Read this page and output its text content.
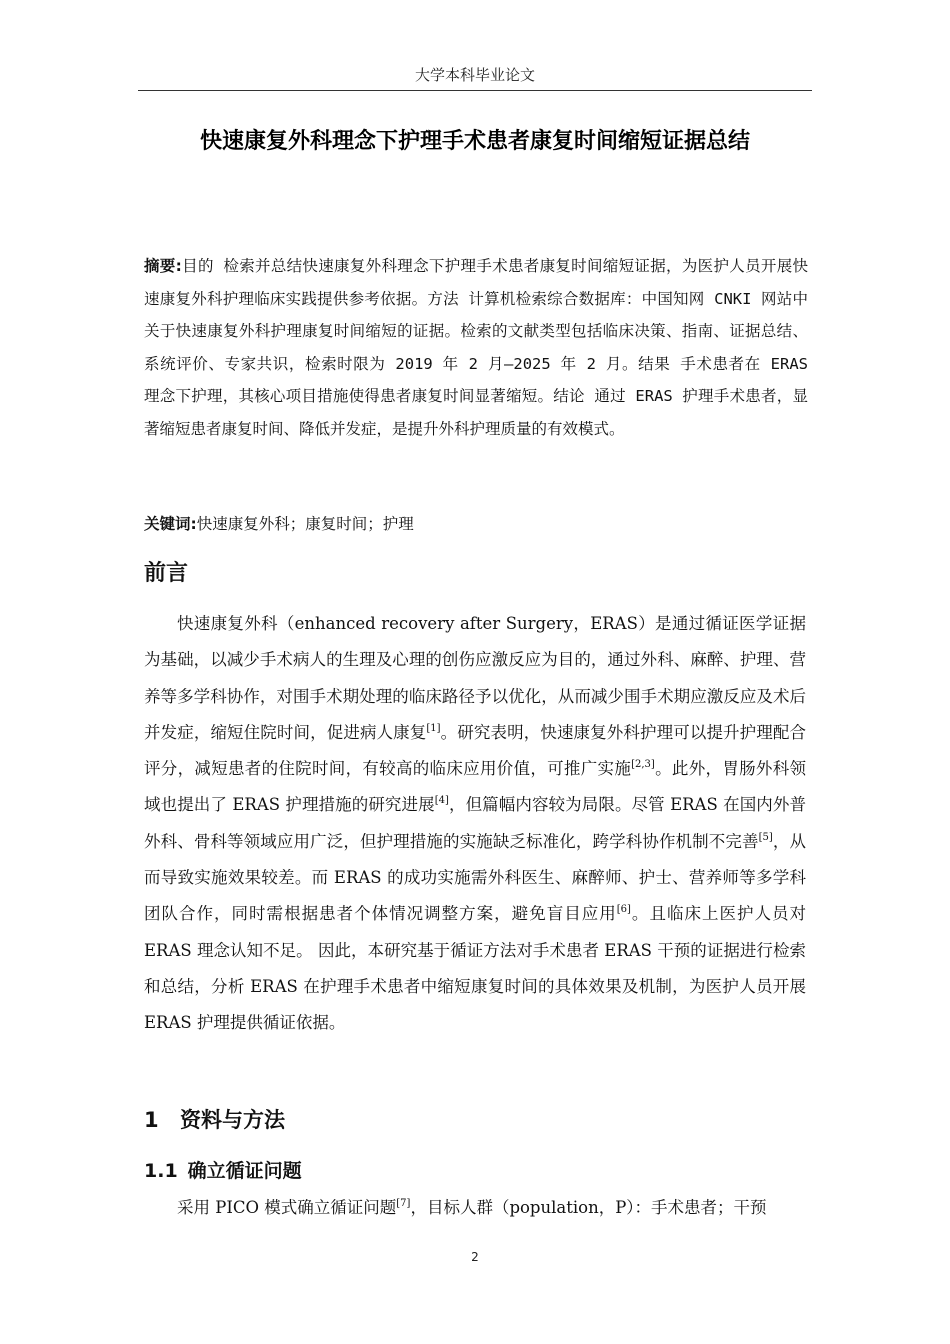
大学本科毕业论文
快速康复外科理念下护理手术患者康复时间缩短证据总结
摘要:目的 检索并总结快速康复外科理念下护理手术患者康复时间缩短证据，为医护人员开展快速康复外科护理临床实践提供参考依据。方法 计算机检索综合数据库：中国知网 CNKI 网站中关于快速康复外科护理康复时间缩短的证据。检索的文献类型包括临床决策、指南、证据总结、系统评价、专家共识，检索时限为 2019 年 2 月—2025 年 2 月。结果 手术患者在 ERAS 理念下护理，其核心项目措施使得患者康复时间显著缩短。结论 通过 ERAS 护理手术患者，显著缩短患者康复时间、降低并发症，是提升外科护理质量的有效模式。
关键词:快速康复外科；康复时间；护理
前言

快速康复外科（enhanced recovery after Surgery，ERAS）是通过循证医学证据为基础，以减少手术病人的生理及心理的创伤应激反应为目的，通过外科、麻醉、护理、营养等多学科协作，对围手术期处理的临床路径予以优化，从而减少围手术期应激反应及术后并发症，缩短住院时间，促进病人康复[1]。研究表明，快速康复外科护理可以提升护理配合评分，减短患者的住院时间，有较高的临床应用价值，可推广实施[2,3]。此外，胃肠外科领域也提出了 ERAS 护理措施的研究进展[4]，但篇幅内容较为局限。尽管 ERAS 在国内外普外科、骨科等领域应用广泛，但护理措施的实施缺乏标准化，跨学科协作机制不完善[5]，从而导致实施效果较差。而 ERAS 的成功实施需外科医生、麻醉师、护士、营养师等多学科团队合作，同时需根据患者个体情况调整方案，避免盲目应用[6]。且临床上医护人员对 ERAS 理念认知不足。 因此，本研究基于循证方法对手术患者 ERAS 干预的证据进行检索和总结，分析 ERAS 在护理手术患者中缩短康复时间的具体效果及机制，为医护人员开展 ERAS 护理提供循证依据。

1 资料与方法
1.1 确立循证问题

采用 PICO 模式确立循证问题[7]，目标人群（population，P）：手术患者；干预

2
